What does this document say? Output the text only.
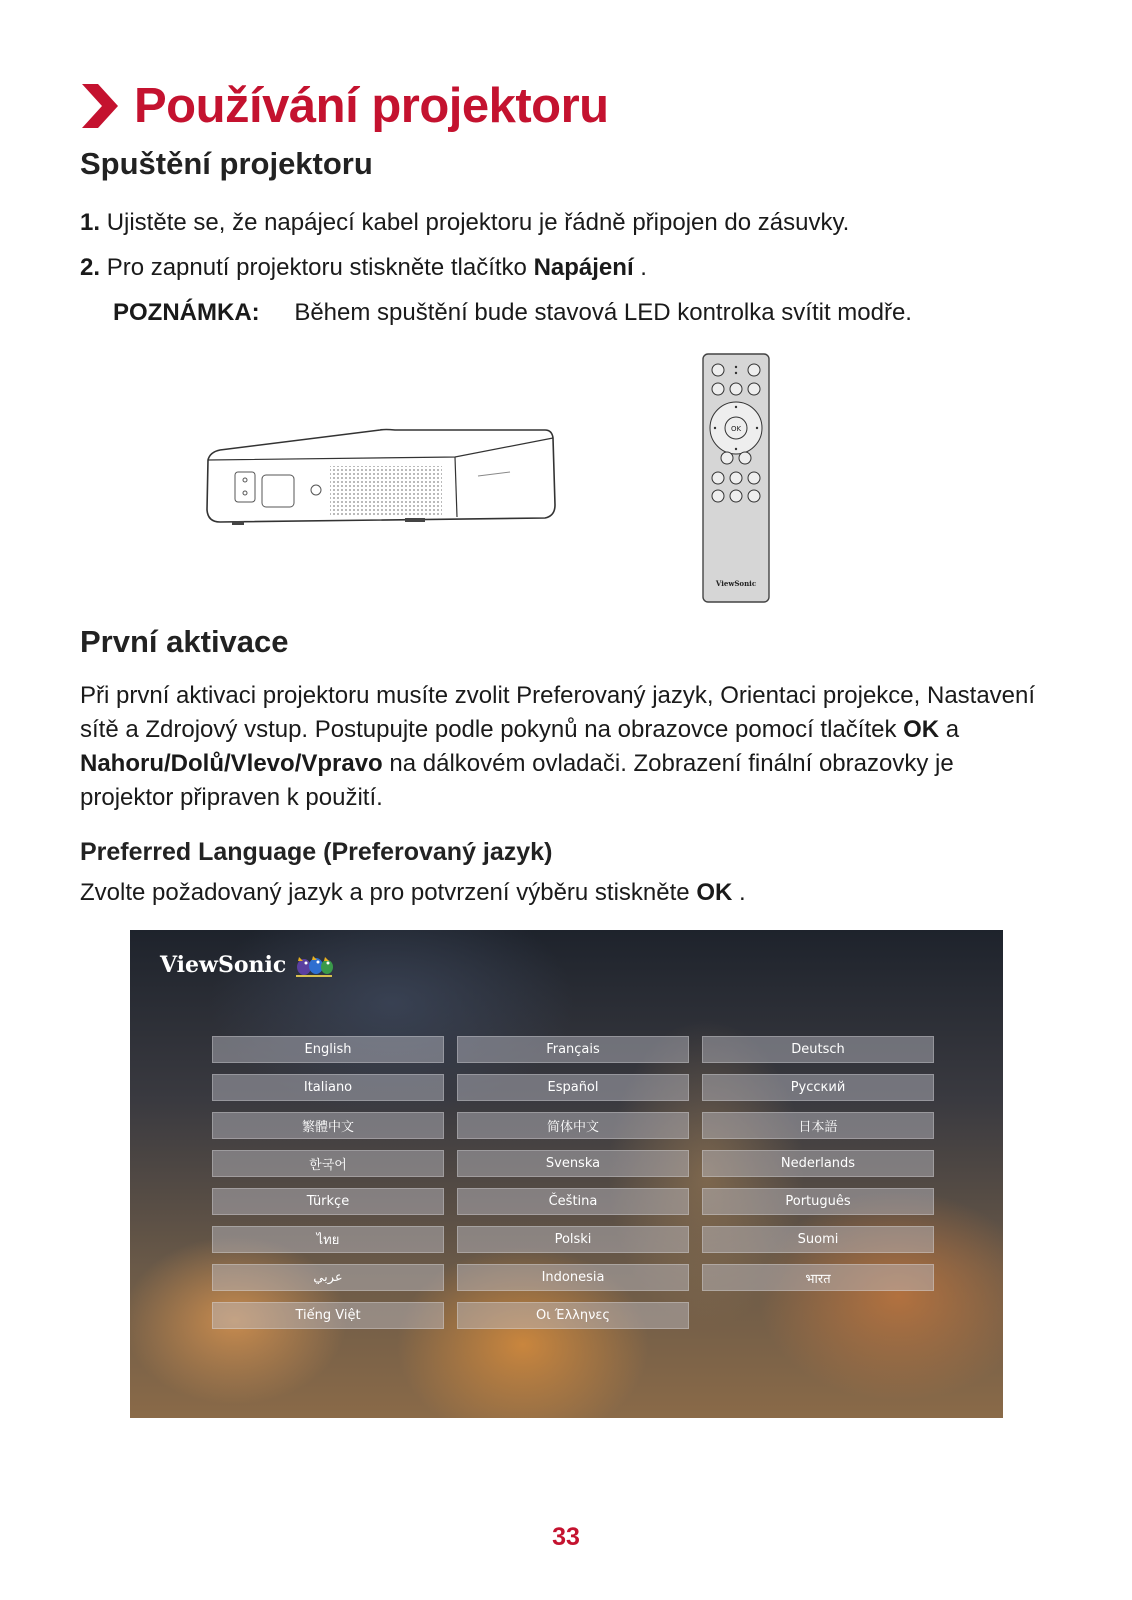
Používání projektoru
Spuštění projektoru
1. Ujistěte se, že napájecí kabel projektoru je řádně připojen do zásuvky.
2. Pro zapnutí projektoru stiskněte tlačítko Napájení .
POZNÁMKA: Během spuštění bude stavová LED kontrolka svítit modře.
OK
ViewSonic
První aktivace
Při první aktivaci projektoru musíte zvolit Preferovaný jazyk, Orientaci projekce, Nastavení sítě a Zdrojový vstup. Postupujte podle pokynů na obrazovce pomocí tlačítek OK a Nahoru/Dolů/Vlevo/Vpravo na dálkovém ovladači. Zobrazení finální obrazovky je projektor připraven k použití.
Preferred Language (Preferovaný jazyk)
Zvolte požadovaný jazyk a pro potvrzení výběru stiskněte OK .
ViewSonic
English	Français	Deutsch
Italiano	Español	Русский
繁體中文	简体中文	日本語
한국어	Svenska	Nederlands
Türkçe	Čeština	Português
ไทย	Polski	Suomi
عربي	Indonesia	भारत
Tiếng Việt	Οι Έλληνες
33
